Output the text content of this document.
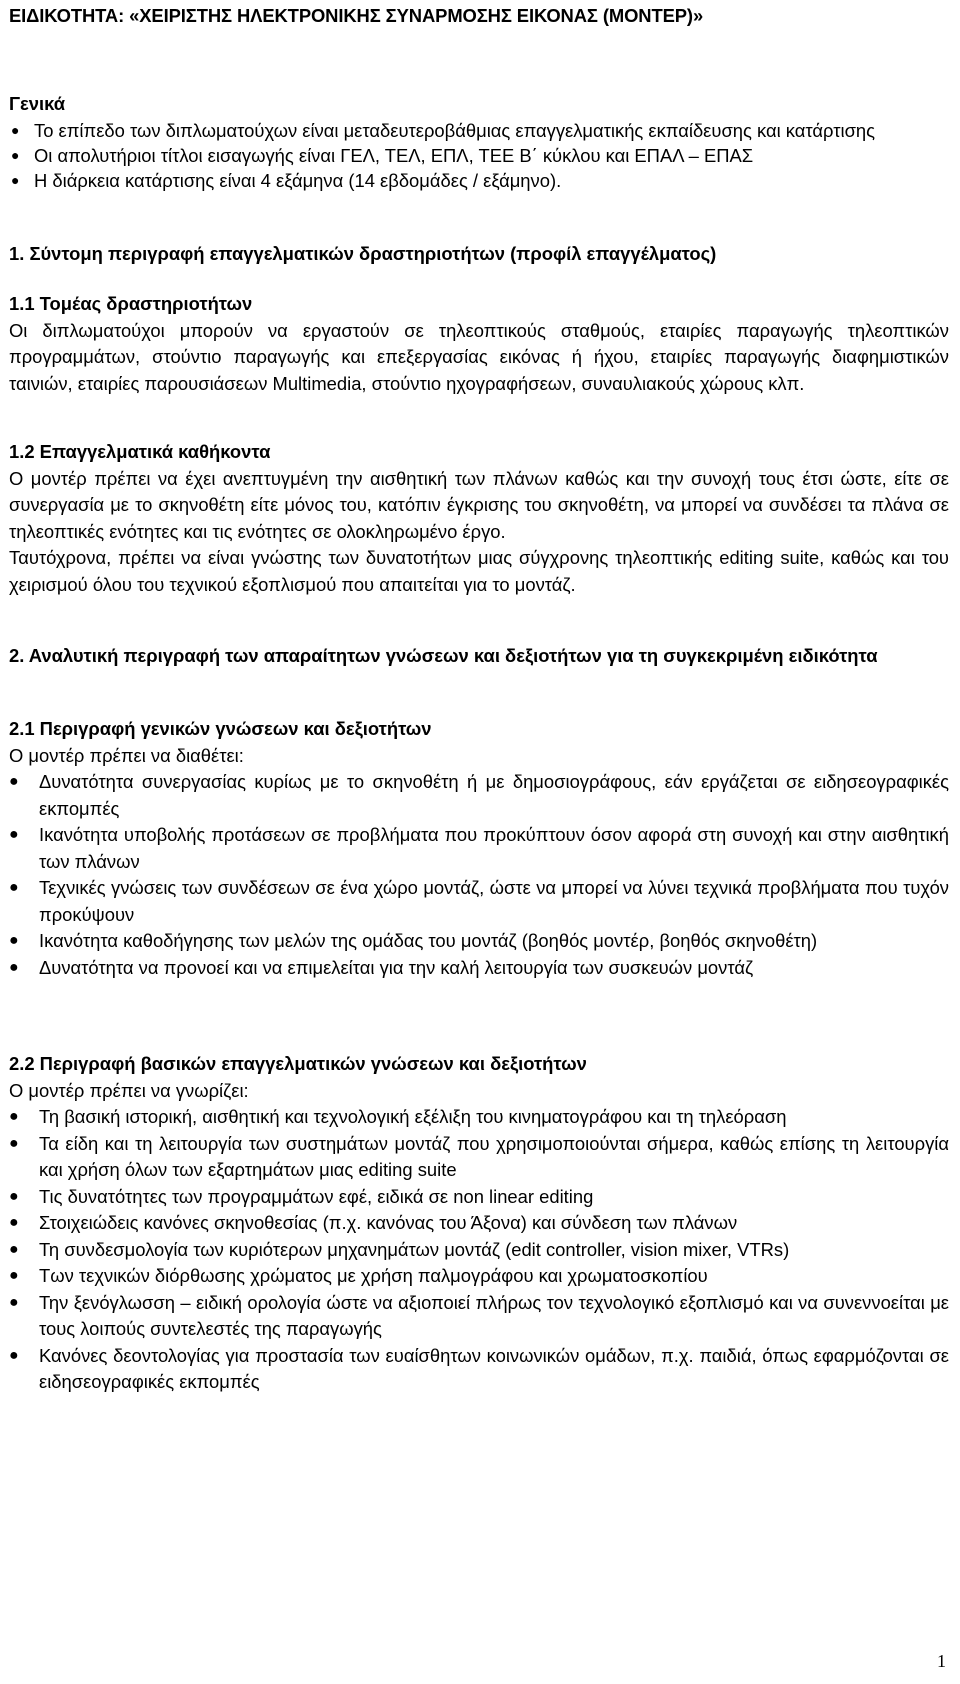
ΕΙΔΙΚΟΤΗΤΑ: «ΧΕΙΡΙΣΤΗΣ ΗΛΕΚΤΡΟΝΙΚΗΣ ΣΥΝΑΡΜΟΣΗΣ ΕΙΚΟΝΑΣ (ΜΟΝΤΕΡ)»
Γενικά
● Το επίπεδο των διπλωματούχων είναι μεταδευτεροβάθμιας επαγγελματικής εκπαίδευσης και κατάρτισης
● Οι απολυτήριοι τίτλοι εισαγωγής είναι ΓΕΛ, ΤΕΛ, ΕΠΛ, ΤΕΕ Β΄ κύκλου και ΕΠΑΛ – ΕΠΑΣ
● Η διάρκεια κατάρτισης είναι 4 εξάμηνα (14 εβδομάδες / εξάμηνο).
1. Σύντομη περιγραφή επαγγελματικών δραστηριοτήτων (προφίλ επαγγέλματος)
1.1 Τομέας δραστηριοτήτων

Οι διπλωματούχοι μπορούν να εργαστούν σε τηλεοπτικούς σταθμούς, εταιρίες παραγωγής τηλεοπτικών προγραμμάτων, στούντιο παραγωγής και επεξεργασίας εικόνας ή ήχου, εταιρίες παραγωγής διαφημιστικών ταινιών, εταιρίες παρουσιάσεων Multimedia, στούντιο ηχογραφήσεων, συναυλιακούς χώρους κλπ.

1.2 Επαγγελματικά καθήκοντα

Ο μοντέρ πρέπει να έχει ανεπτυγμένη την αισθητική των πλάνων καθώς και την συνοχή τους έτσι ώστε, είτε σε συνεργασία με το σκηνοθέτη είτε μόνος του, κατόπιν έγκρισης του σκηνοθέτη, να μπορεί να συνδέσει τα πλάνα σε τηλεοπτικές ενότητες και τις ενότητες σε ολοκληρωμένο έργο.

Ταυτόχρονα, πρέπει να είναι γνώστης των δυνατοτήτων μιας σύγχρονης τηλεοπτικής editing suite, καθώς και του χειρισμού όλου του τεχνικού εξοπλισμού που απαιτείται για το μοντάζ.

2. Αναλυτική περιγραφή των απαραίτητων γνώσεων και δεξιοτήτων για τη συγκεκριμένη ειδικότητα

2.1 Περιγραφή γενικών γνώσεων και δεξιοτήτων
Ο μοντέρ πρέπει να διαθέτει:
● Δυνατότητα συνεργασίας κυρίως με το σκηνοθέτη ή με δημοσιογράφους, εάν εργάζεται σε ειδησεογραφικές εκπομπές
● Ικανότητα υποβολής προτάσεων σε προβλήματα που προκύπτουν όσον αφορά στη συνοχή και στην αισθητική των πλάνων
● Τεχνικές γνώσεις των συνδέσεων σε ένα χώρο μοντάζ, ώστε να μπορεί να λύνει τεχνικά προβλήματα που τυχόν προκύψουν
● Ικανότητα καθοδήγησης των μελών της ομάδας του μοντάζ (βοηθός μοντέρ, βοηθός σκηνοθέτη)
● Δυνατότητα να προνοεί και να επιμελείται για την καλή λειτουργία των συσκευών μοντάζ
2.2 Περιγραφή βασικών επαγγελματικών γνώσεων και δεξιοτήτων
Ο μοντέρ πρέπει να γνωρίζει:
● Τη βασική ιστορική, αισθητική και τεχνολογική εξέλιξη του κινηματογράφου και τη τηλεόραση
● Τα είδη και τη λειτουργία των συστημάτων μοντάζ που χρησιμοποιούνται σήμερα, καθώς επίσης τη λειτουργία και χρήση όλων των εξαρτημάτων μιας editing suite
● Τις δυνατότητες των προγραμμάτων εφέ, ειδικά σε non linear editing
● Στοιχειώδεις κανόνες σκηνοθεσίας (π.χ. κανόνας του Άξονα) και σύνδεση των πλάνων
● Τη συνδεσμολογία των κυριότερων μηχανημάτων μοντάζ (edit controller, vision mixer, VTRs)
● Των τεχνικών διόρθωσης χρώματος με χρήση παλμογράφου και χρωματοσκοπίου
● Την ξενόγλωσση – ειδική ορολογία ώστε να αξιοποιεί πλήρως τον τεχνολογικό εξοπλισμό και να συνεννοείται με τους λοιπούς συντελεστές της παραγωγής
● Κανόνες δεοντολογίας για προστασία των ευαίσθητων κοινωνικών ομάδων, π.χ. παιδιά, όπως εφαρμόζονται σε ειδησεογραφικές εκπομπές
1
